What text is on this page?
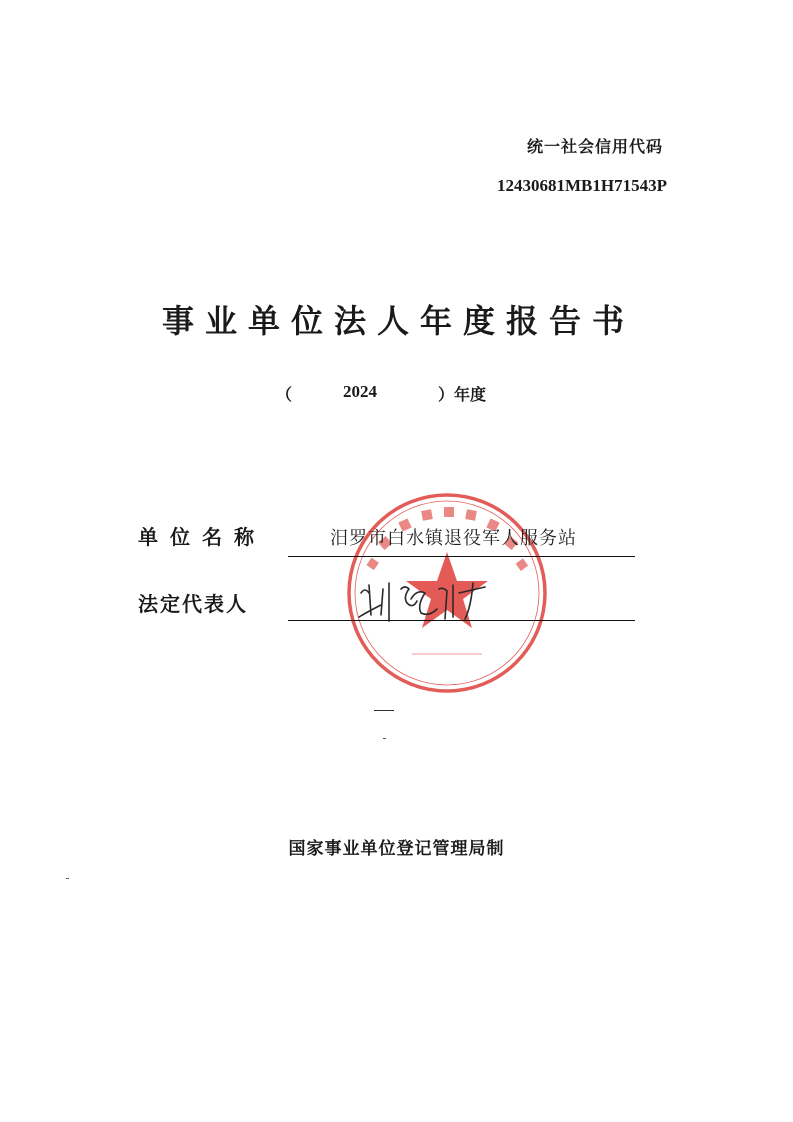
统一社会信用代码
12430681MB1H71543P
事业单位法人年度报告书
（	2024	）年度
单位名称	汨罗市白水镇退役军人服务站
法定代表人
国家事业单位登记管理局制
